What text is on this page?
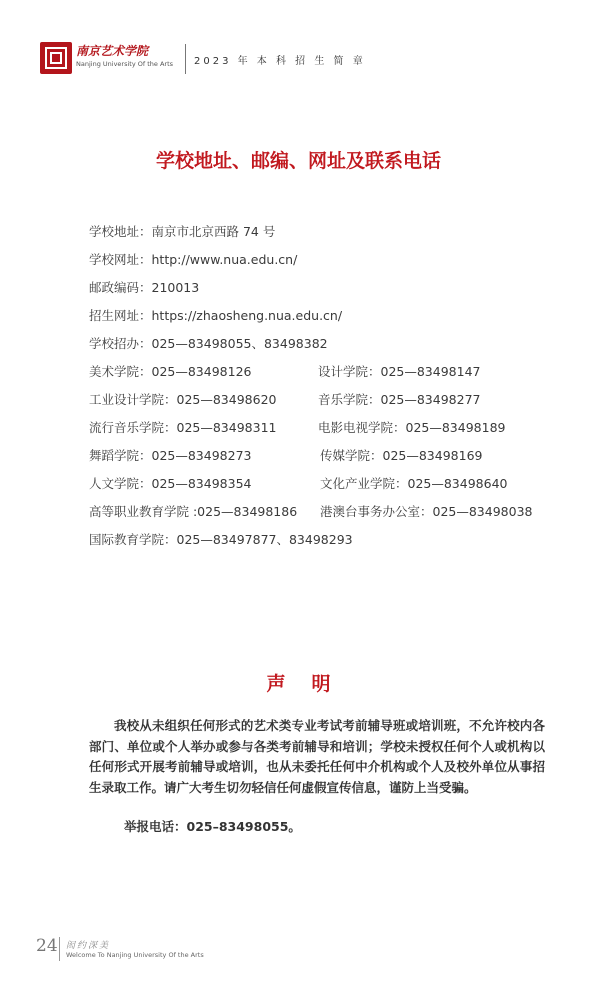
南京艺术学院
Nanjing University Of the Arts 2023 年 本 科 招 生 简 章
学校地址、邮编、网址及联系电话
学校地址：南京市北京西路 74 号
学校网址：http://www.nua.edu.cn/
邮政编码：210013
招生网址：https://zhaosheng.nua.edu.cn/
学校招办：025—83498055、83498382
美术学院：025—83498126	设计学院：025—83498147
工业设计学院：025—83498620	音乐学院：025—83498277
流行音乐学院：025—83498311	电影电视学院：025—83498189
舞蹈学院：025—83498273	传媒学院：025—83498169
人文学院：025—83498354	文化产业学院：025—83498640
高等职业教育学院 :025—83498186 港澳台事务办公室：025—83498038
国际教育学院：025—83497877、83498293
声明
我校从未组织任何形式的艺术类专业考试考前辅导班或培训班，不允许校内各部门、单位或个人举办或参与各类考前辅导和培训；学校未授权任何个人或机构以任何形式开展考前辅导或培训，也从未委托任何中介机构或个人及校外单位从事招生录取工作。请广大考生切勿轻信任何虚假宣传信息，谨防上当受骗。
举报电话：025–83498055。
24 闳约深美
Welcome To Nanjing University Of the Arts
